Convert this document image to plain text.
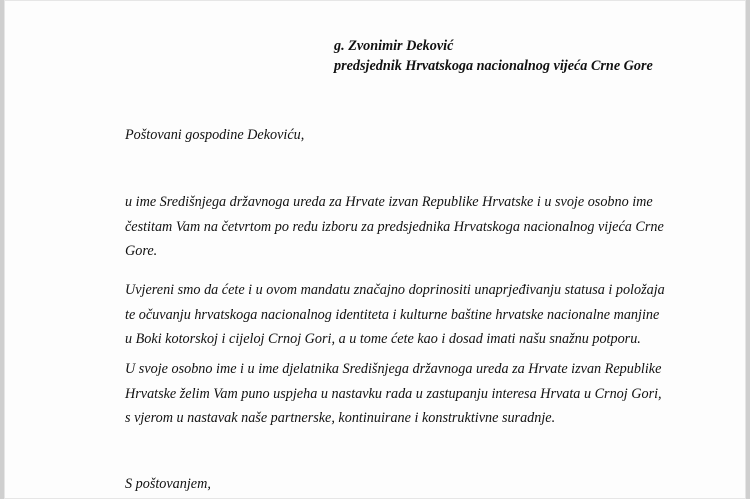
g. Zvonimir Deković
predsjednik Hrvatskoga nacionalnog vijeća Crne Gore
Poštovani gospodine Dekoviću,
u ime Središnjega državnoga ureda za Hrvate izvan Republike Hrvatske i u svoje osobno ime
čestitam Vam na četvrtom po redu izboru za predsjednika Hrvatskoga nacionalnog vijeća Crne
Gore.
Uvjereni smo da ćete i u ovom mandatu značajno doprinositi unaprjeđivanju statusa i položaja
te očuvanju hrvatskoga nacionalnog identiteta i kulturne baštine hrvatske nacionalne manjine
u Boki kotorskoj i cijeloj Crnoj Gori, a u tome ćete kao i dosad imati našu snažnu potporu.
U svoje osobno ime i u ime djelatnika Središnjega državnoga ureda za Hrvate izvan Republike
Hrvatske želim Vam puno uspjeha u nastavku rada u zastupanju interesa Hrvata u Crnoj Gori,
s vjerom u nastavak naše partnerske, kontinuirane i konstruktivne suradnje.
S poštovanjem,
